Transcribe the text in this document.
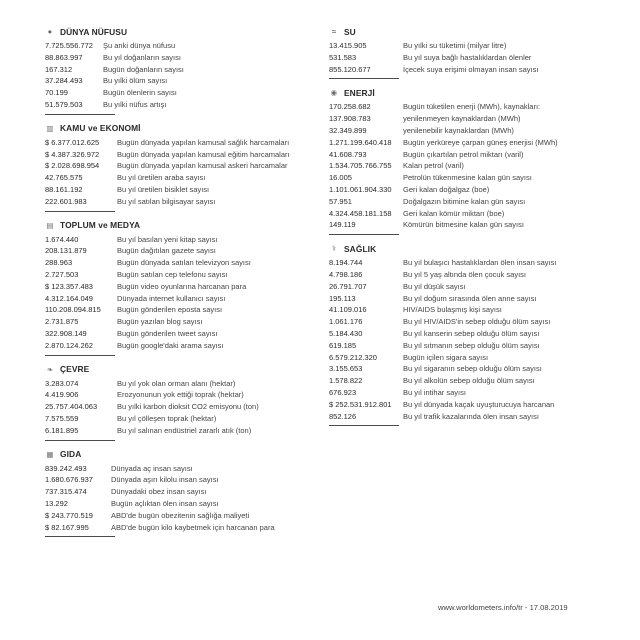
● DÜNYA NÜFUSU
7.725.556.772	Şu anki dünya nüfusu
88.863.997	Bu yıl doğanların sayısı
167.312	Bugün doğanların sayısı
37.284.493	Bu yılki ölüm sayısı
70.199	Bugün ölenlerin sayısı
51.579.503	Bu yılki nüfus artışı
▥ KAMU ve EKONOMİ
$ 6.377.012.625	Bugün dünyada yapılan kamusal sağlık harcamaları
$ 4.387.326.972	Bugün dünyada yapılan kamusal eğitim harcamaları
$ 2.028.698.954	Bugün dünyada yapılan kamusal askeri harcamalar
42.765.575	Bu yıl üretilen araba sayısı
88.161.192	Bu yıl üretilen bisiklet sayısı
222.601.983	Bu yıl satılan bilgisayar sayısı
▤ TOPLUM ve MEDYA
1.674.440	Bu yıl basılan yeni kitap sayısı
208.131.879	Bugün dağıtılan gazete sayısı
288.963	Bugün dünyada satılan televizyon sayısı
2.727.503	Bugün satılan cep telefonu sayısı
$ 123.357.483	Bugün video oyunlarına harcanan para
4.312.164.049	Dünyada internet kullanıcı sayısı
110.208.094.815	Bugün gönderilen eposta sayısı
2.731.875	Bugün yazılan blog sayısı
322.908.149	Bugün gönderilen tweet sayısı
2.870.124.262	Bugün google'daki arama sayısı
❧ ÇEVRE
3.283.074	Bu yıl yok olan orman alanı (hektar)
4.419.906	Erozyonunun yok ettiği toprak (hektar)
25.757.404.063	Bu yılki karbon dioksit CO2 emisyonu (ton)
7.575.559	Bu yıl çölleşen toprak (hektar)
6.181.895	Bu yıl salınan endüstriel zararlı atık (ton)
▦ GIDA
839.242.493	Dünyada aç insan sayısı
1.680.676.937	Dünyada aşırı kilolu insan sayısı
737.315.474	Dünyadaki obez insan sayısı
13.292	Bugün açlıktan ölen insan sayısı
$ 243.770.519	ABD'de bugün obezitenin sağlığa maliyeti
$ 82.167.995	ABD'de bugün kilo kaybetmek için harcanan para
≈ SU
13.415.905	Bu yılki su tüketimi (milyar litre)
531.583	Bu yıl suya bağlı hastalıklardan ölenler
855.120.677	İçecek suya erişimi olmayan insan sayısı
◉ ENERJİ
170.258.682	Bugün tüketilen enerji (MWh), kaynakları:
137.908.783	yenilenmeyen kaynaklardan (MWh)
32.349.899	yenilenebilir kaynaklardan (MWh)
1.271.199.640.418	Bugün yerküreye çarpan güneş enerjisi (MWh)
41.608.793	Bugün çıkartılan petrol miktarı (varil)
1.534.705.766.755	Kalan petrol (varil)
16.005	Petrolün tükenmesine kalan gün sayısı
1.101.061.904.330	Geri kalan doğalgaz (boe)
57.951	Doğalgazın bitimine kalan gün sayısı
4.324.458.181.158	Geri kalan kömür miktarı (boe)
149.119	Kömürün bitmesine kalan gün sayısı
⚕ SAĞLIK
8.194.744	Bu yıl bulaşıcı hastalıklardan ölen insan sayısı
4.798.186	Bu yıl 5 yaş altında ölen çocuk sayısı
26.791.707	Bu yıl düşük sayısı
195.113	Bu yıl doğum sırasında ölen anne sayısı
41.109.016	HIV/AIDS bulaşmış kişi sayısı
1.061.176	Bu yıl HIV/AIDS'in sebep olduğu ölüm sayısı
5.184.430	Bu yıl kanserin sebep olduğu ölüm sayısı
619.185	Bu yıl sıtmanın sebep olduğu ölüm sayısı
6.579.212.320	Bugün içilen sigara sayısı
3.155.653	Bu yıl sigaranın sebep olduğu ölüm sayısı
1.578.822	Bu yıl alkolün sebep olduğu ölüm sayısı
676.923	Bu yıl intihar sayısı
$ 252.531.912.801	Bu yıl dünyada kaçak uyuşturucuya harcanan
852.126	Bu yıl trafik kazalarında ölen insan sayısı
www.worldometers.info/tr - 17.08.2019
